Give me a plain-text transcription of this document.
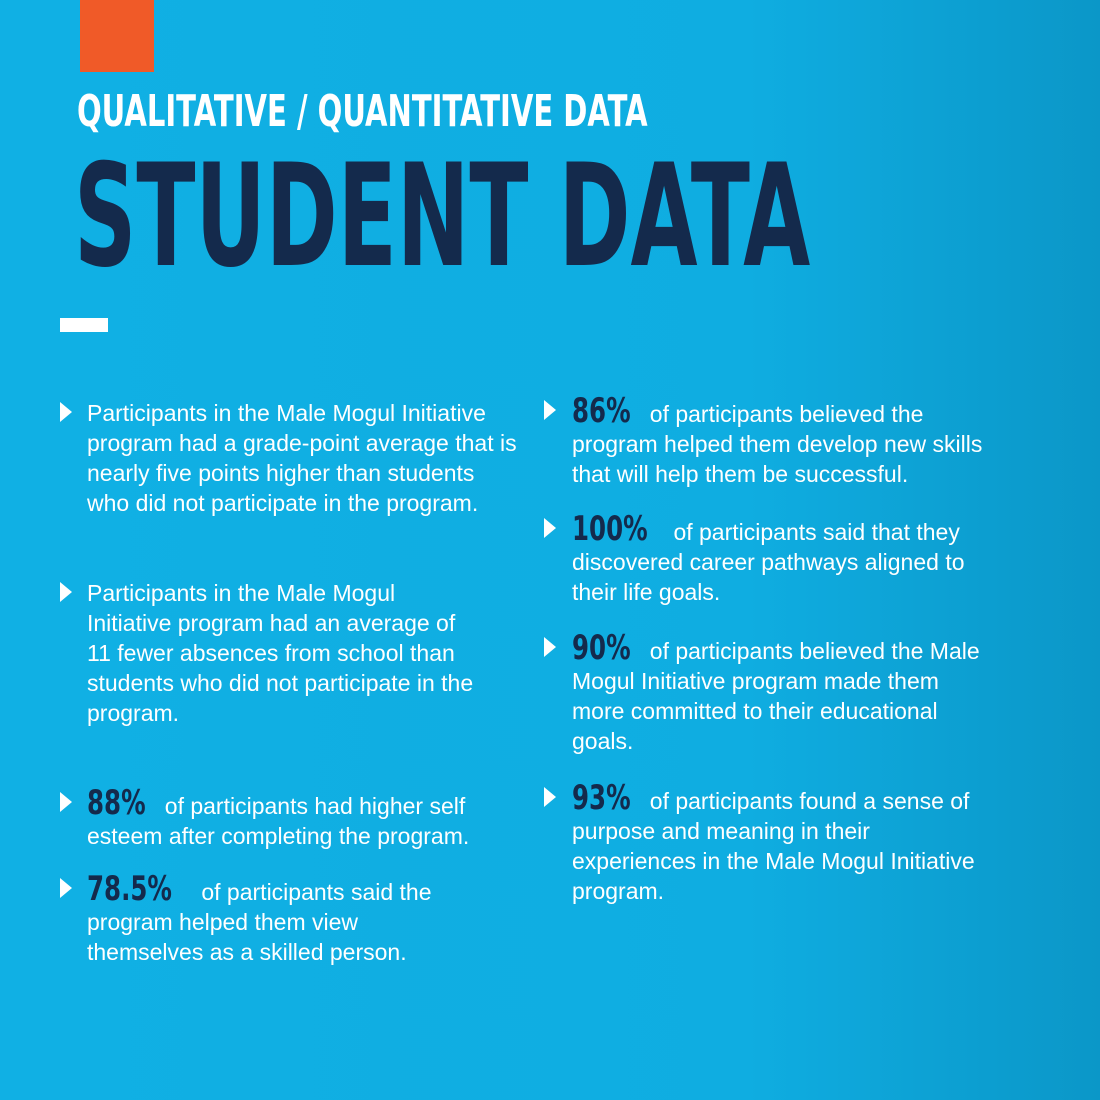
QUALITATIVE / QUANTITATIVE DATA
STUDENT DATA
Participants in the Male Mogul Initiative program had a grade-point average that is nearly five points higher than students who did not participate in the program.
Participants in the Male Mogul Initiative program had an average of 11 fewer absences from school than students who did not participate in the program.
88% of participants had higher self esteem after completing the program.
78.5% of participants said the program helped them view themselves as a skilled person.
86% of participants believed the program helped them develop new skills that will help them be successful.
100% of participants said that they discovered career pathways aligned to their life goals.
90% of participants believed the Male Mogul Initiative program made them more committed to their educational goals.
93% of participants found a sense of purpose and meaning in their experiences in the Male Mogul Initiative program.
